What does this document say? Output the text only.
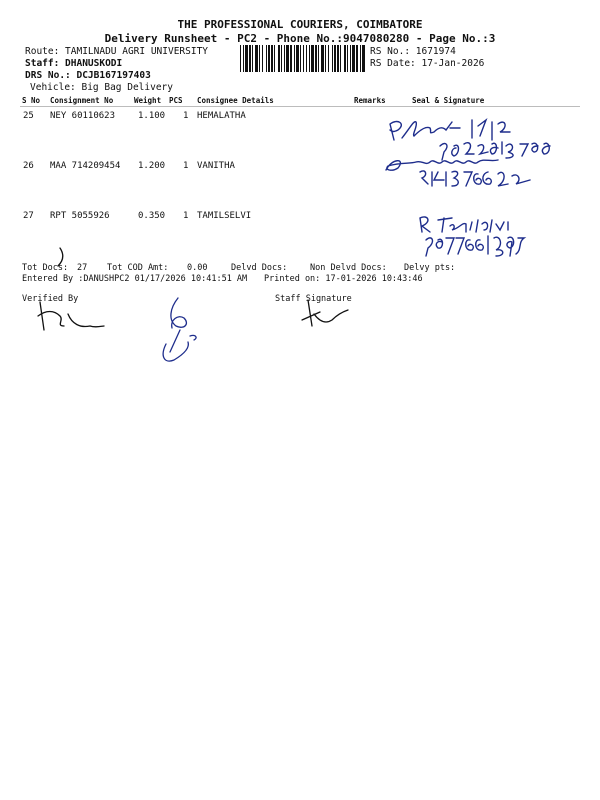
THE PROFESSIONAL COURIERS, COIMBATORE
Delivery Runsheet - PC2 - Phone No.:9047080280 - Page No.:3
Route: TAMILNADU AGRI UNIVERSITY
Staff: DHANUSKODI
DRS No.: DCJB167197403
Vehicle: Big Bag Delivery
RS No.: 1671974
RS Date: 17-Jan-2026
S No Consignment No	Weight PCS Consignee Details	Remarks	Seal & Signature
25 NEY 60110623	1.100 1 HEMALATHA
26 MAA 714209454 1.200 1 VANITHA
27 RPT 5055926	0.350 1 TAMILSELVI
Tot Docs: 27 Tot COD Amt: 0.00	Delvd Docs:	Non Delvd Docs: Delvy pts:
Entered By :DANUSHPC2 01/17/2026 10:41:51 AM Printed on: 17-01-2026 10:43:46
Verified By	Staff Signature
